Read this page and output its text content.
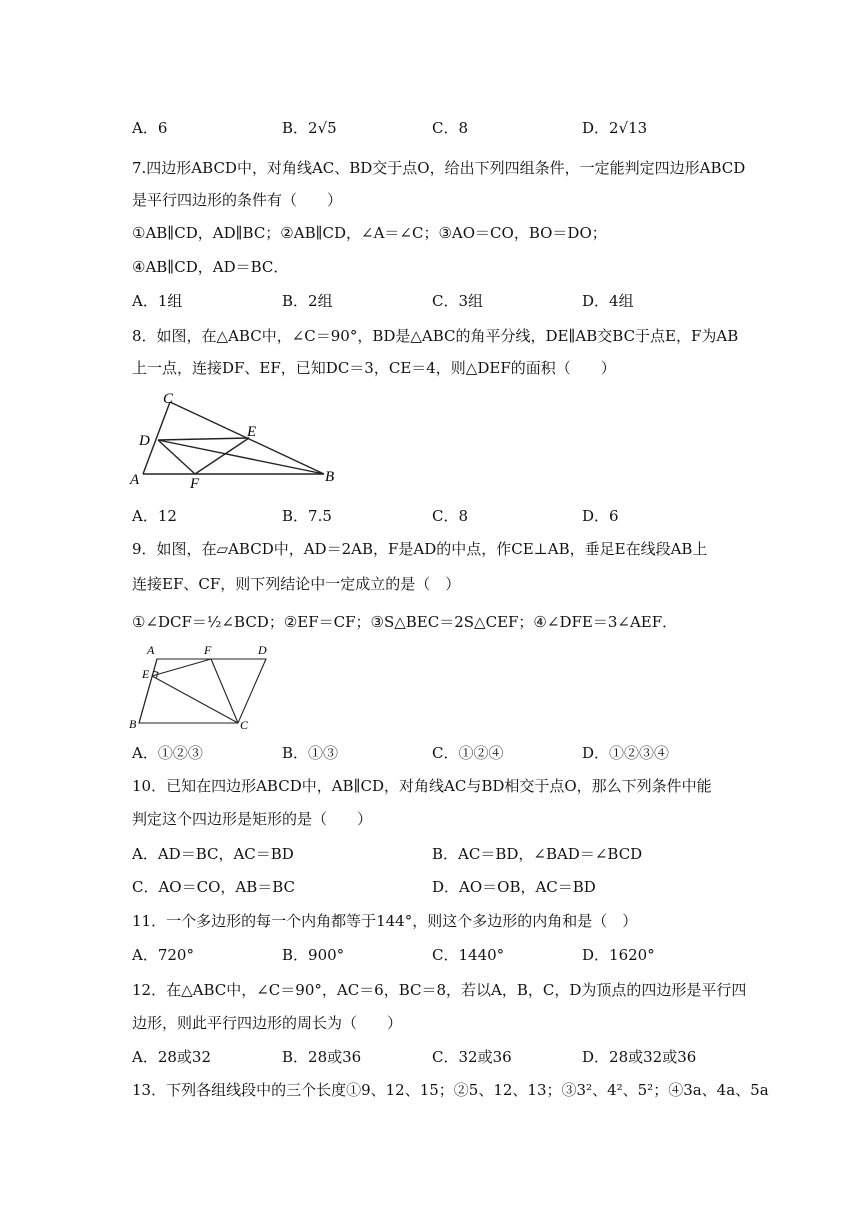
A．6	B．2√5	C．8	D．2√13
7.四边形ABCD中，对角线AC、BD交于点O，给出下列四组条件，一定能判定四边形ABCD
是平行四边形的条件有（　　）
①AB∥CD，AD∥BC；②AB∥CD，∠A＝∠C；③AO＝CO，BO＝DO；
④AB∥CD，AD＝BC．
A．1组	B．2组	C．3组	D．4组
8．如图，在△ABC中，∠C＝90°，BD是△ABC的角平分线，DE∥AB交BC于点E，F为AB
上一点，连接DF、EF，已知DC＝3，CE＝4，则△DEF的面积（　　）
C
D
E
A	F	B
A．12	B．7.5	C．8	D．6
9．如图，在▱ABCD中，AD＝2AB，F是AD的中点，作CE⊥AB，垂足E在线段AB上
连接EF、CF，则下列结论中一定成立的是（　）
①∠DCF＝½∠BCD；②EF＝CF；③S△BEC＝2S△CEF；④∠DFE＝3∠AEF．
A	F	D
E
B	C
A．①②③	B．①③	C．①②④	D．①②③④
10．已知在四边形ABCD中，AB∥CD，对角线AC与BD相交于点O，那么下列条件中能
判定这个四边形是矩形的是（　　）
A．AD＝BC，AC＝BD	B．AC＝BD，∠BAD＝∠BCD
C．AO＝CO，AB＝BC	D．AO＝OB，AC＝BD
11．一个多边形的每一个内角都等于144°，则这个多边形的内角和是（　）
A．720°	B．900°	C．1440°	D．1620°
12．在△ABC中，∠C＝90°，AC＝6，BC＝8，若以A，B，C，D为顶点的四边形是平行四
边形，则此平行四边形的周长为（　　）
A．28或32	B．28或36	C．32或36	D．28或32或36
13．下列各组线段中的三个长度①9、12、15；②5、12、13；③3²、4²、5²；④3a、4a、5a
